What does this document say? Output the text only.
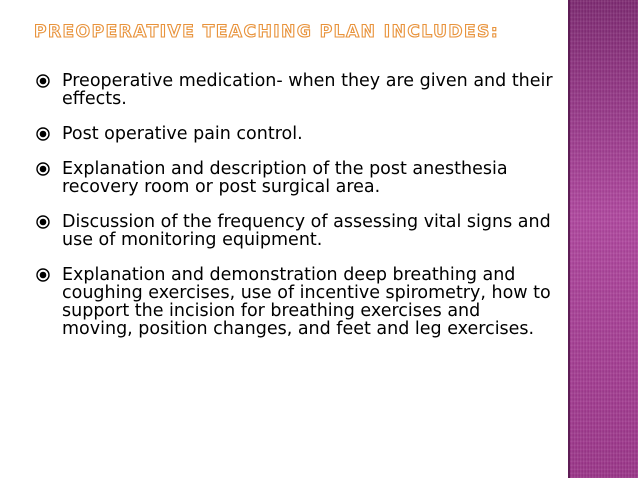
PREOPERATIVE TEACHING PLAN INCLUDES:
Preoperative medication- when they are given and their effects.
Post operative pain control.
Explanation and description of the post anesthesia recovery room or post surgical area.
Discussion of the frequency of assessing vital signs and use of monitoring equipment.
Explanation and demonstration deep breathing and coughing exercises, use of incentive spirometry, how to support the incision for breathing exercises and moving, position changes, and feet and leg exercises.
